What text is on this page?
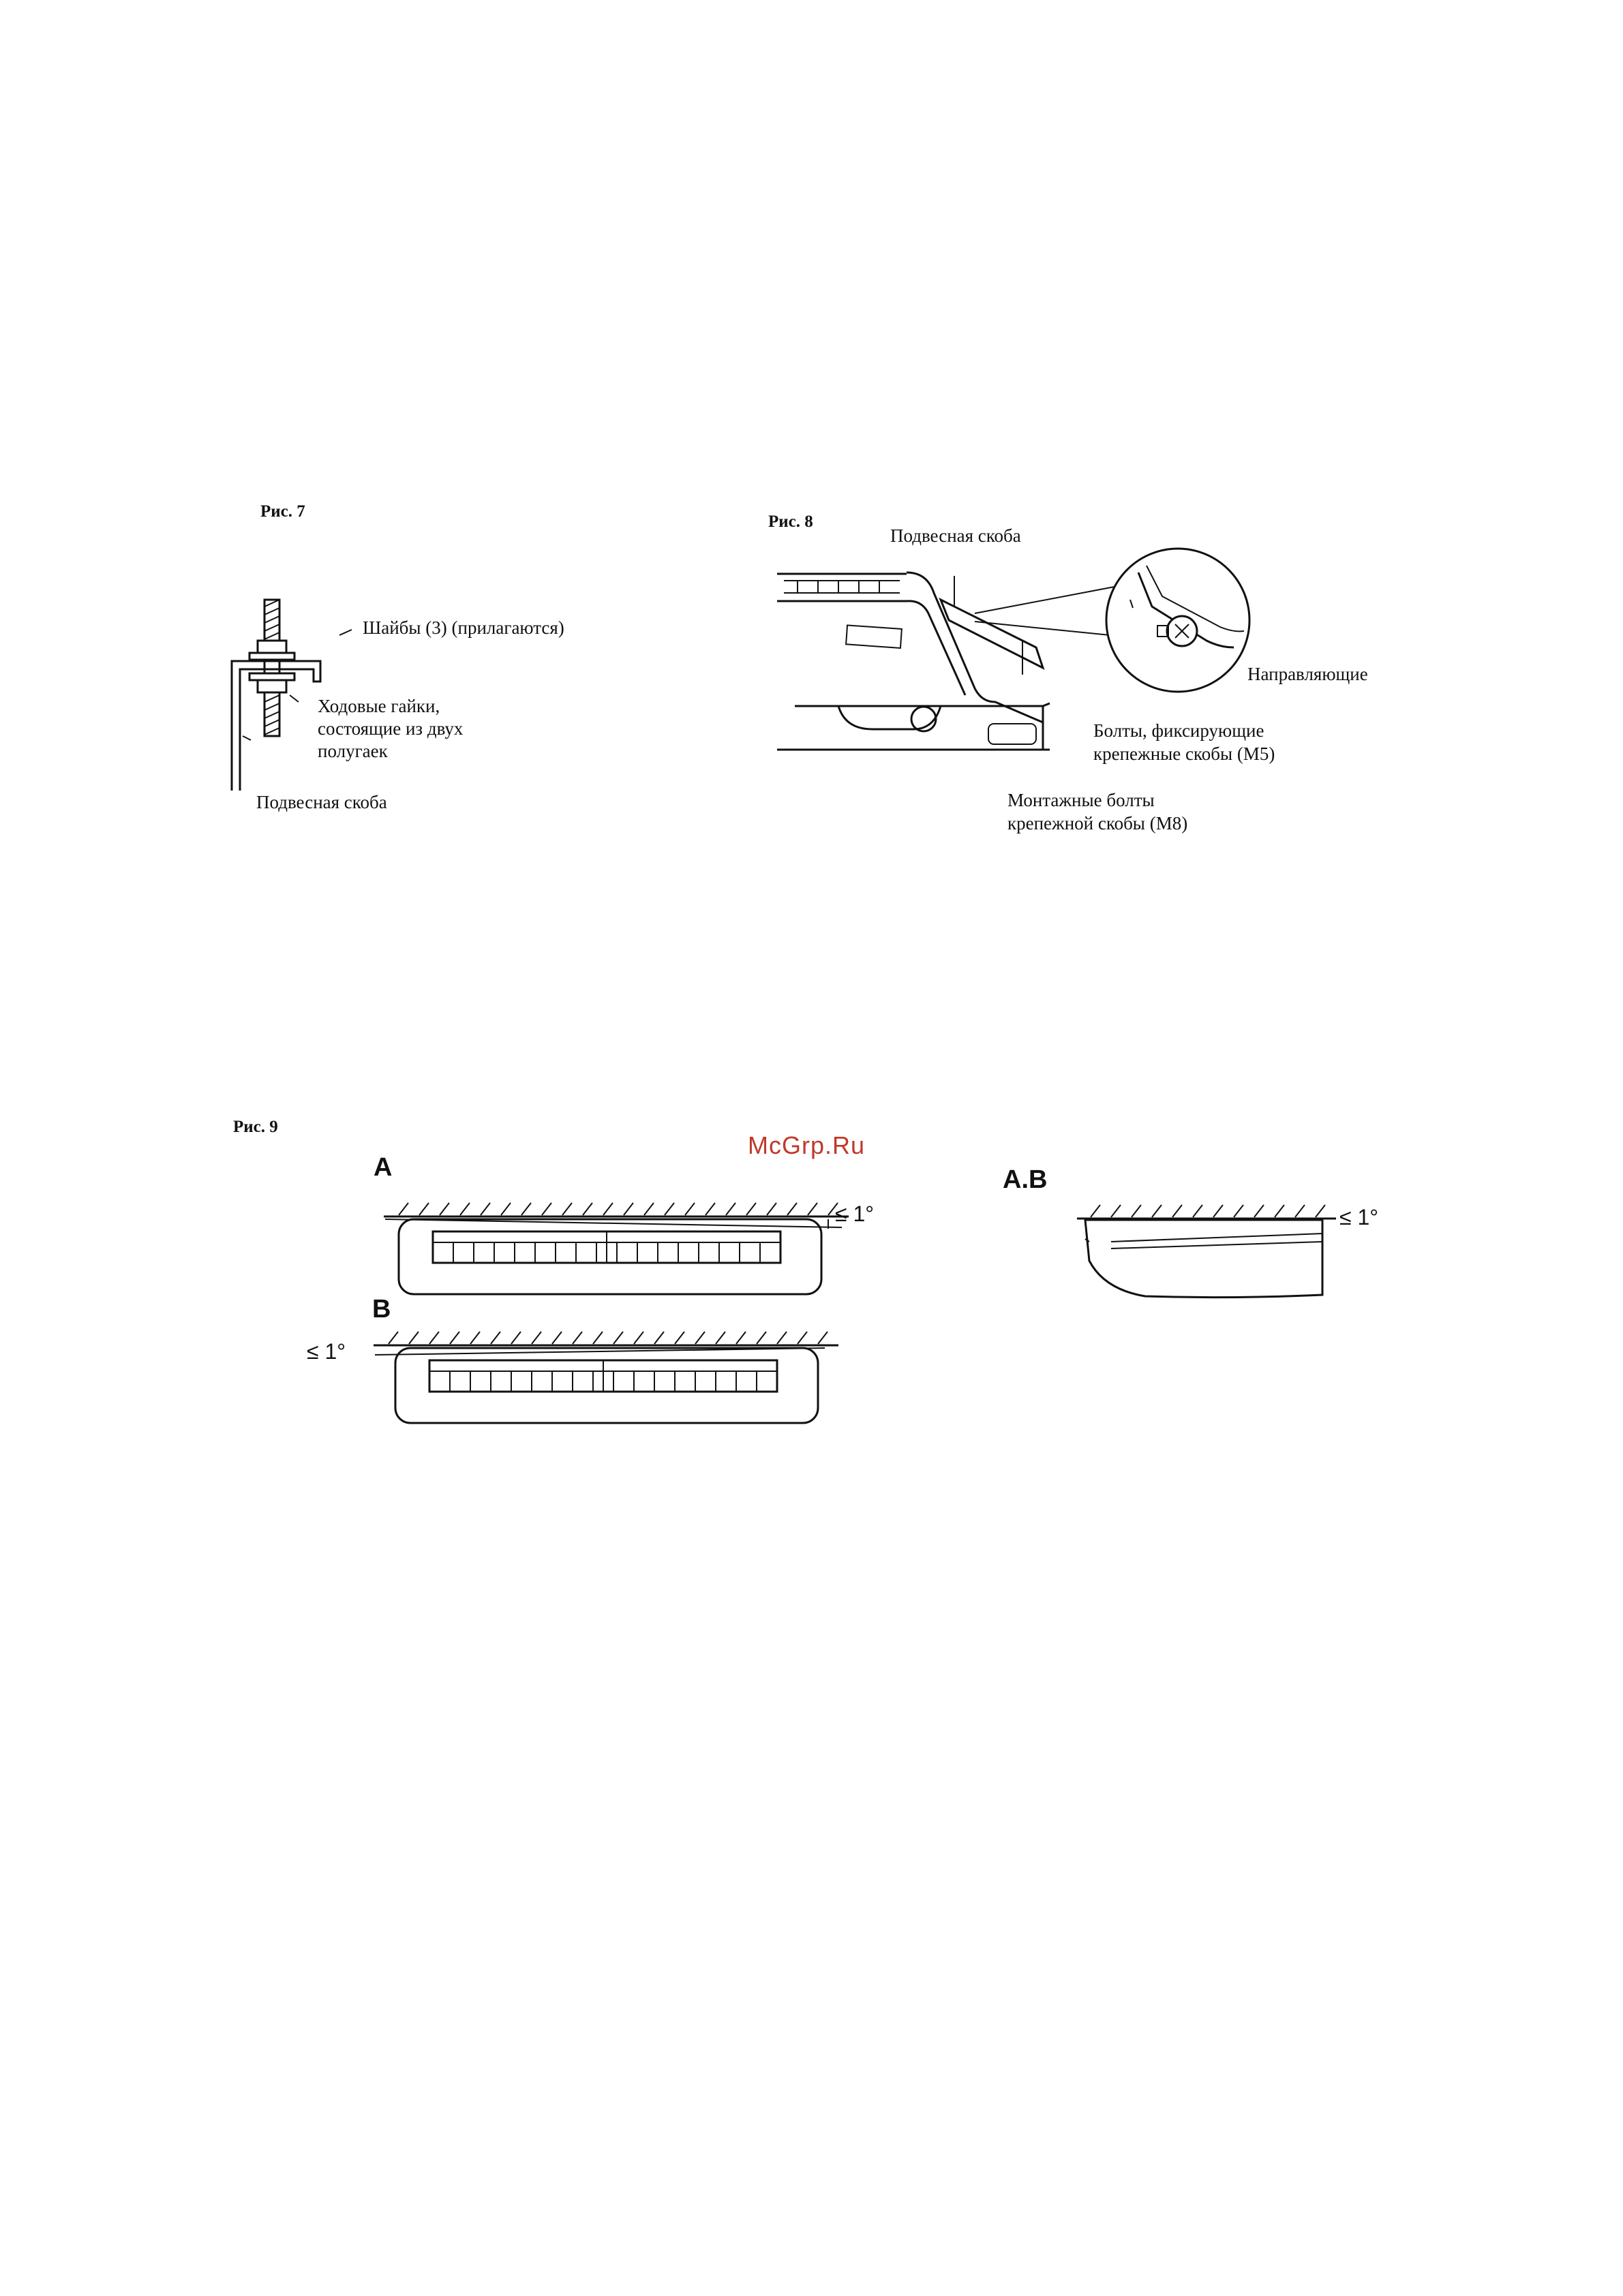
Рис. 7
Шайбы (3) (прилагаются)
Ходовые гайки,
состоящие из двух
полугаек
Подвесная скоба
Рис. 8
Подвесная скоба
Направляющие
Болты, фиксирующие
крепежные скобы (M5)
Монтажные болты
крепежной скобы (M8)
Рис. 9
McGrp.Ru
A
B
A.B
≤ 1°
≤ 1°
≤ 1°
